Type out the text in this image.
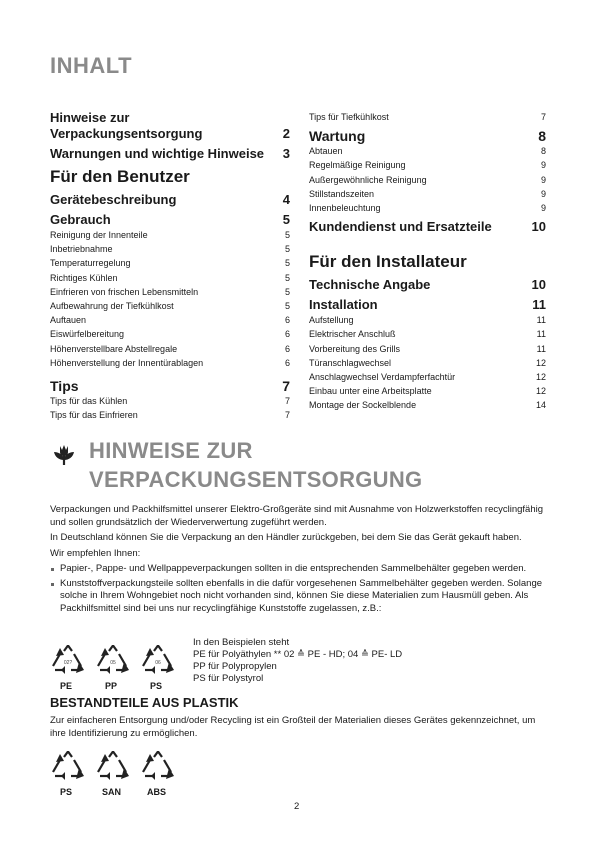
INHALT
Hinweise zur
Verpackungsentsorgung	2
Warnungen und wichtige Hinweise 3
Für den Benutzer
Gerätebeschreibung	4
Gebrauch	5
Reinigung der Innenteile	5
Inbetriebnahme	5
Temperaturregelung	5
Richtiges Kühlen	5
Einfrieren von frischen Lebensmitteln	5
Aufbewahrung der Tiefkühlkost	5
Auftauen	6
Eiswürfelbereitung	6
Höhenverstellbare Abstellregale	6
Höhenverstellung der Innentürablagen	6
Tips	7
Tips für das Kühlen	7
Tips für das Einfrieren	7
Tips für Tiefkühlkost	7
Wartung	8
Abtauen	8
Regelmäßige Reinigung	9
Außergewöhnliche Reinigung	9
Stillstandszeiten	9
Innenbeleuchtung	9
Kundendienst und Ersatzteile	10
Für den Installateur
Technische Angabe	10
Installation	11
Aufstellung	11
Elektrischer Anschluß	11
Vorbereitung des Grills	11
Türanschlagwechsel	12
Anschlagwechsel Verdampferfachtür	12
Einbau unter eine Arbeitsplatte	12
Montage der Sockelblende	14
HINWEISE ZUR
VERPACKUNGSENTSORGUNG

Verpackungen und Packhilfsmittel unserer Elektro-Großgeräte sind mit Ausnahme von Holzwerkstoffen recyclingfähig und sollen grundsätzlich der Wiederverwertung zugeführt werden.

In Deutschland können Sie die Verpackung an den Händler zurückgeben, bei dem Sie das Gerät gekauft haben.

Wir empfehlen Ihnen:

Papier-, Pappe- und Wellpappeverpackungen sollten in die entsprechenden Sammelbehälter gegeben werden.
Kunststoffverpackungsteile sollten ebenfalls in die dafür vorgesehenen Sammelbehälter gegeben werden. Solange solche in Ihrem Wohngebiet noch nicht vorhanden sind, können Sie diese Materialien zum Hausmüll geben. Als Packhilfsmittel sind bei uns nur recyclingfähige Kunststoffe zugelassen, z.B.:
02?
PE
05
PP
06
PS
In den Beispielen steht
PE für Polyäthylen ** 02 ≙ PE - HD; 04 ≙ PE- LD
PP für Polypropylen
PS für Polystyrol
BESTANDTEILE AUS PLASTIK
Zur einfacheren Entsorgung und/oder Recycling ist ein Großteil der Materialien dieses Gerätes gekennzeichnet, um ihre Identifizierung zu ermöglichen.
PS	SAN	ABS
2
